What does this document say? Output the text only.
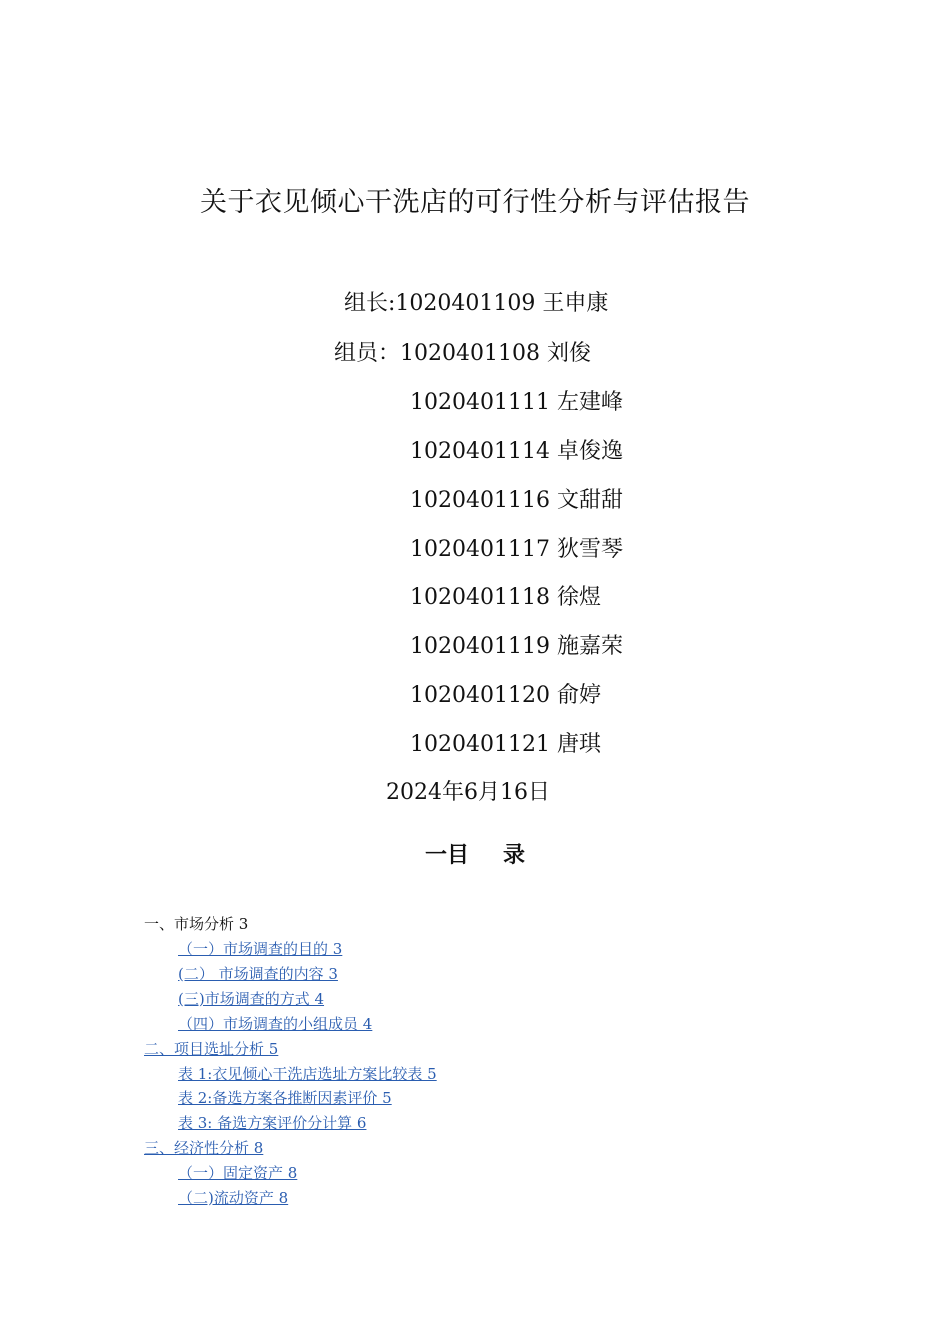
关于衣见倾心干洗店的可行性分析与评估报告
组长:1020401109 王申康
组员：1020401108 刘俊
1020401111 左建峰
1020401114 卓俊逸
1020401116 文甜甜
1020401117 狄雪琴
1020401118 徐煜
1020401119 施嘉荣
1020401120 俞婷
1020401121 唐琪
2024年6月16日
一目 录
一、市场分析 3
（一）市场调查的目的 3
(二） 市场调查的内容 3
(三)市场调查的方式 4
（四）市场调查的小组成员 4
二、项目选址分析 5
表 1:衣见倾心干洗店选址方案比较表 5
表 2:备选方案各推断因素评价 5
表 3: 备选方案评价分计算 6
三、经济性分析 8
（一）固定资产 8
（二)流动资产 8
